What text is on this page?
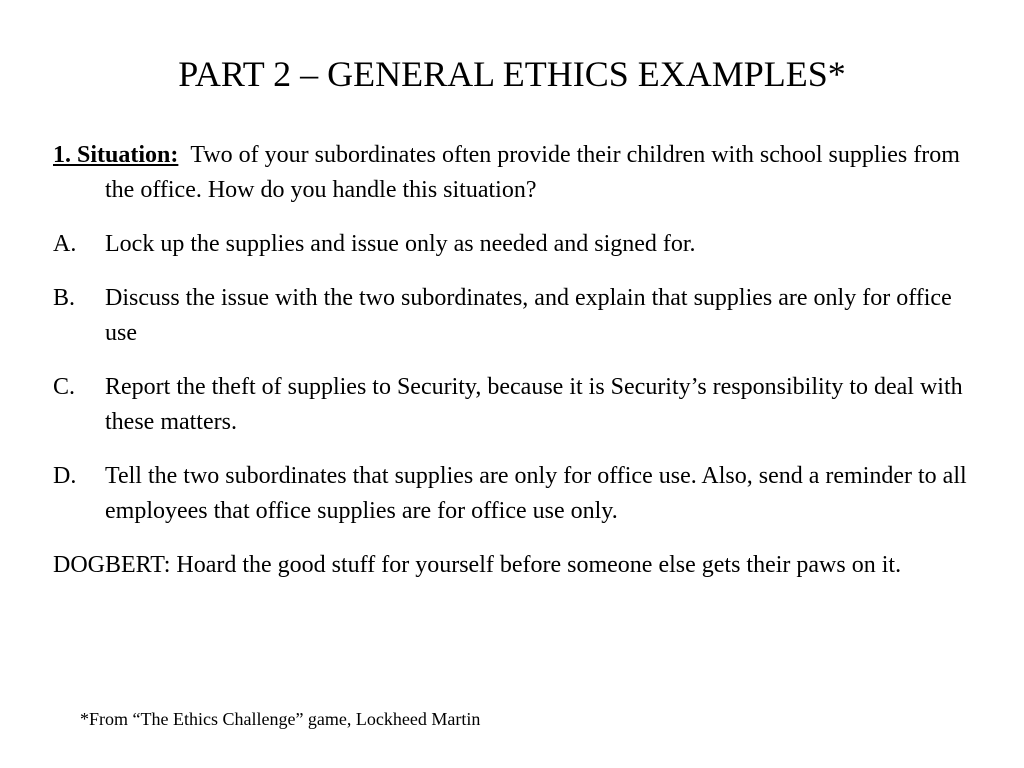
PART 2 – GENERAL ETHICS EXAMPLES*
1. Situation: Two of your subordinates often provide their children with school supplies from the office. How do you handle this situation?
A. Lock up the supplies and issue only as needed and signed for.
B. Discuss the issue with the two subordinates, and explain that supplies are only for office use
C. Report the theft of supplies to Security, because it is Security’s responsibility to deal with these matters.
D. Tell the two subordinates that supplies are only for office use. Also, send a reminder to all employees that office supplies are for office use only.
DOGBERT: Hoard the good stuff for yourself before someone else gets their paws on it.
*From “The Ethics Challenge” game, Lockheed Martin
